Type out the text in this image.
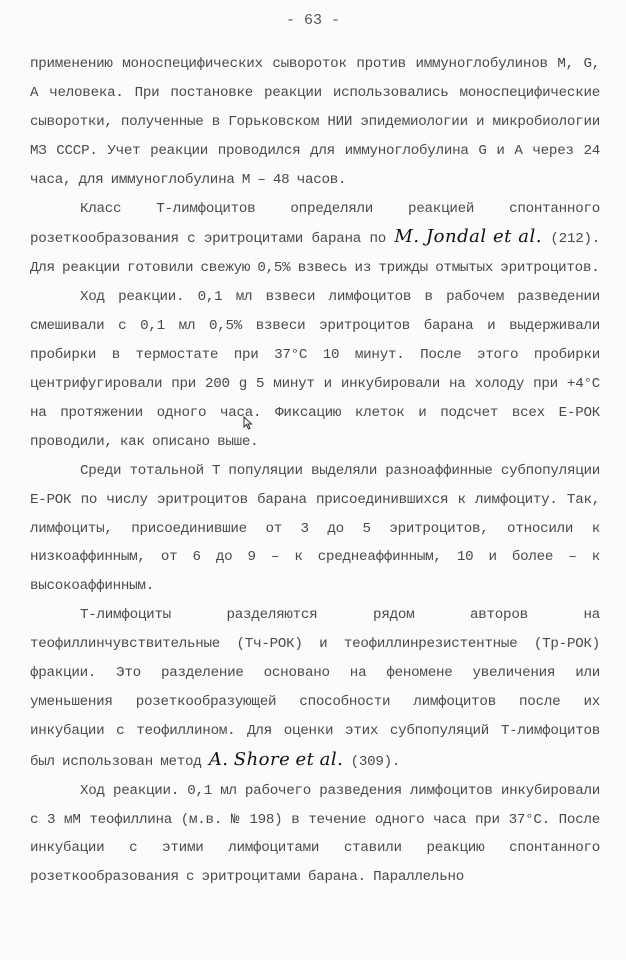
- 63 -

применению моноспецифических сывороток против иммуноглобулинов M, G, A человека. При постановке реакции использовались моноспецифические сыворотки, полученные в Горьковском НИИ эпидемиологии и микробиологии МЗ СССР. Учет реакции проводился для иммуноглобулина G и A через 24 часа, для иммуноглобулина M – 48 часов.

Класс Т-лимфоцитов определяли реакцией спонтанного розеткообразования с эритроцитами барана по M. Jondal et al. (212). Для реакции готовили свежую 0,5% взвесь из трижды отмытых эритроцитов.

Ход реакции. 0,1 мл взвеси лимфоцитов в рабочем разведении смешивали с 0,1 мл 0,5% взвеси эритроцитов барана и выдерживали пробирки в термостате при 37°С 10 минут. После этого пробирки центрифугировали при 200 g 5 минут и инкубировали на холоду при +4°С на протяжении одного часа. Фиксацию клеток и подсчет всех Е-РОК проводили, как описано выше.

Среди тотальной Т популяции выделяли разноаффинные субпопуляции Е-РОК по числу эритроцитов барана присоединившихся к лимфоциту. Так, лимфоциты, присоединившие от 3 до 5 эритроцитов, относили к низкоаффинным, от 6 до 9 – к среднеаффинным, 10 и более – к высокоаффинным.

Т-лимфоциты разделяются рядом авторов на теофиллинчувствительные (Tч-РОК) и теофиллинрезистентные (Тр-РОК) фракции. Это разделение основано на феномене увеличения или уменьшения розеткообразующей способности лимфоцитов после их инкубации с теофиллином. Для оценки этих субпопуляций Т-лимфоцитов был использован метод A. Shore et al. (309).

Ход реакции. 0,1 мл рабочего разведения лимфоцитов инкубировали с 3 мМ теофиллина (м.в. № 198) в течение одного часа при 37°С. После инкубации с этими лимфоцитами ставили реакцию спонтанного розеткообразования с эритроцитами барана. Параллельно
